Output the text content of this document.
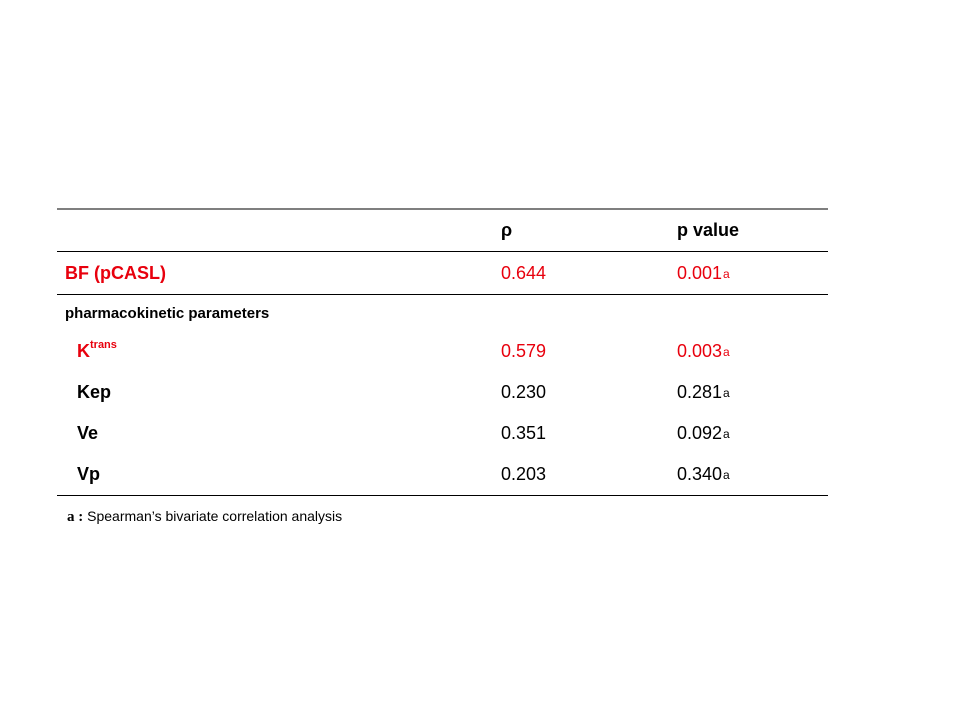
	ρ	p value
BF (pCASL)	0.644	0.001$^a$
pharmacokinetic parameters		
$K^{trans}$	0.579	0.003$^a$
Kep	0.230	0.281$^a$
Ve	0.351	0.092$^a$
Vp	0.203	0.340$^a$
a : Spearman’s bivariate correlation analysis
